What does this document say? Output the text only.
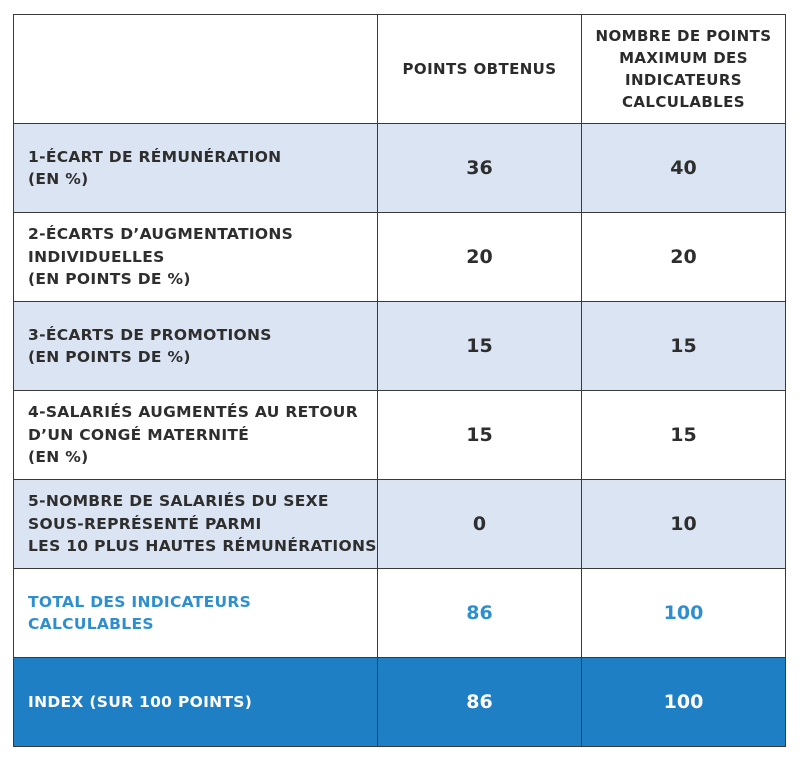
	POINTS OBTENUS	NOMBRE DE POINTS
MAXIMUM DES
INDICATEURS
CALCULABLES

1-ÉCART DE RÉMUNÉRATION
(EN %)	36	40

2-ÉCARTS D’AUGMENTATIONS
INDIVIDUELLES
(EN POINTS DE %)	20	20

3-ÉCARTS DE PROMOTIONS
(EN POINTS DE %)	15	15

4-SALARIÉS AUGMENTÉS AU RETOUR
D’UN CONGÉ MATERNITÉ
(EN %)	15	15

5-NOMBRE DE SALARIÉS DU SEXE
SOUS-REPRÉSENTÉ PARMI
LES 10 PLUS HAUTES RÉMUNÉRATIONS	0	10

TOTAL DES INDICATEURS
CALCULABLES	86	100

INDEX (SUR 100 POINTS)	86	100
